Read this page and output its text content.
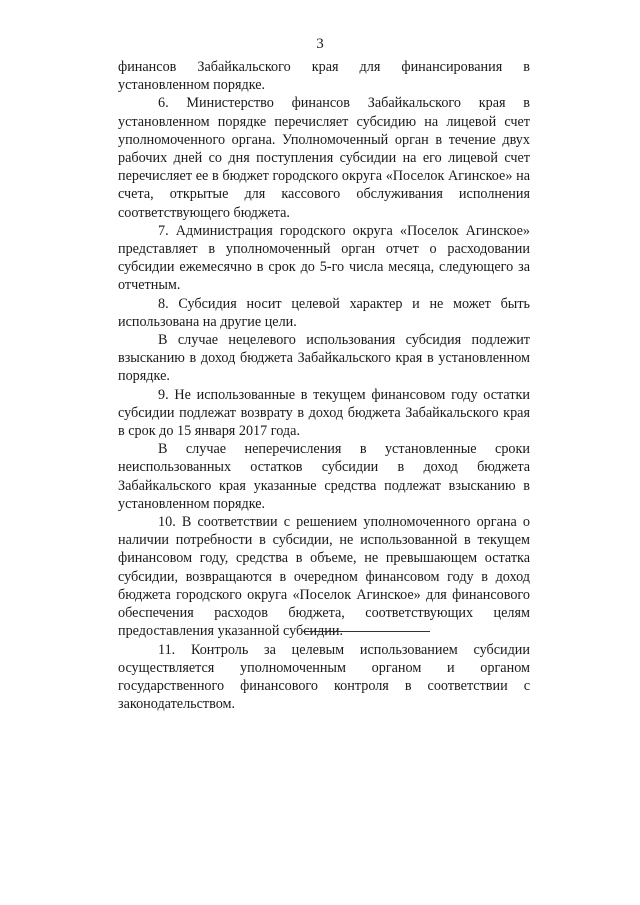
3

финансов Забайкальского края для финансирования в установленном порядке.

6. Министерство финансов Забайкальского края в установленном порядке перечисляет субсидию на лицевой счет уполномоченного органа. Уполномоченный орган в течение двух рабочих дней со дня поступления субсидии на его лицевой счет перечисляет ее в бюджет городского округа «Поселок Агинское» на счета, открытые для кассового обслуживания исполнения соответствующего бюджета.

7. Администрация городского округа «Поселок Агинское» представляет в уполномоченный орган отчет о расходовании субсидии ежемесячно в срок до 5-го числа месяца, следующего за отчетным.

8. Субсидия носит целевой характер и не может быть использована на другие цели.

В случае нецелевого использования субсидия подлежит взысканию в доход бюджета Забайкальского края в установленном порядке.

9. Не использованные в текущем финансовом году остатки субсидии подлежат возврату в доход бюджета Забайкальского края в срок до 15 января 2017 года.

В случае неперечисления в установленные сроки неиспользованных остатков субсидии в доход бюджета Забайкальского края указанные средства подлежат взысканию в установленном порядке.

10. В соответствии с решением уполномоченного органа о наличии потребности в субсидии, не использованной в текущем финансовом году, средства в объеме, не превышающем остатка субсидии, возвращаются в очередном финансовом году в доход бюджета городского округа «Поселок Агинское» для финансового обеспечения расходов бюджета, соответствующих целям предоставления указанной субсидии.

11. Контроль за целевым использованием субсидии осуществляется уполномоченным органом и органом государственного финансового контроля в соответствии с законодательством.
